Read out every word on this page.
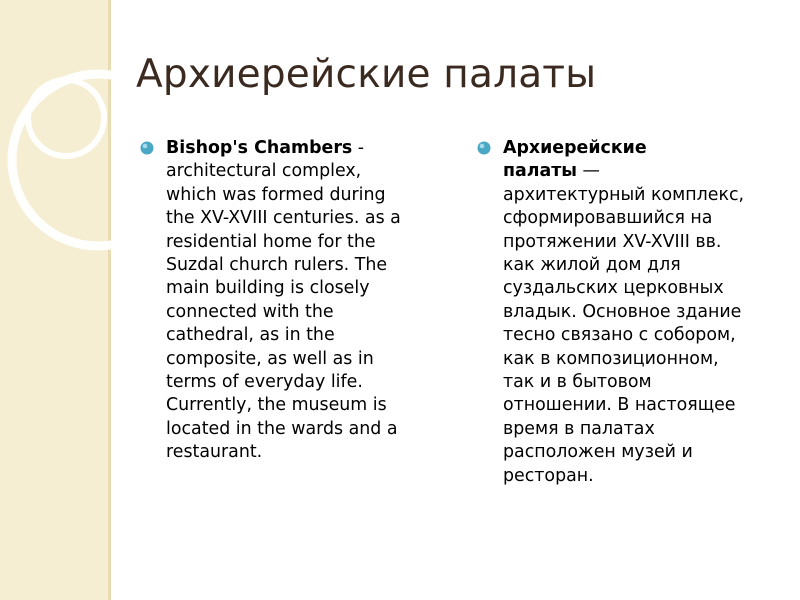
Архиерейские палаты
Bishop's Chambers -
architectural complex,
which was formed during
the XV-XVIII centuries. as a
residential home for the
Suzdal church rulers. The
main building is closely
connected with the
cathedral, as in the
composite, as well as in
terms of everyday life.
Currently, the museum is
located in the wards and a
restaurant.
Архиерейские
палаты —
архитектурный комплекс,
сформировавшийся на
протяжении XV-XVIII вв.
как жилой дом для
суздальских церковных
владык. Основное здание
тесно связано с собором,
как в композиционном,
так и в бытовом
отношении. В настоящее
время в палатах
расположен музей и
ресторан.
